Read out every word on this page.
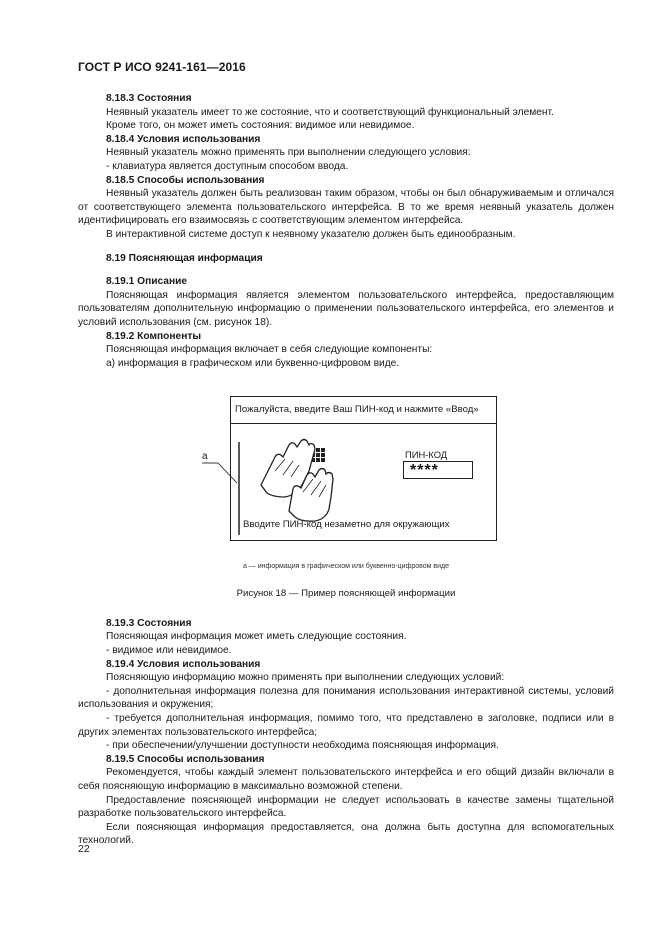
ГОСТ Р ИСО 9241-161—2016
8.18.3 Состояния
Неявный указатель имеет то же состояние, что и соответствующий функциональный элемент.
Кроме того, он может иметь состояния: видимое или невидимое.
8.18.4 Условия использования
Неявный указатель можно применять при выполнении следующего условия:
- клавиатура является доступным способом ввода.
8.18.5 Способы использования
Неявный указатель должен быть реализован таким образом, чтобы он был обнаруживаемым и отличался от соответствующего элемента пользовательского интерфейса. В то же время неявный указатель должен идентифицировать его взаимосвязь с соответствующим элементом интерфейса.
В интерактивной системе доступ к неявному указателю должен быть единообразным.
8.19 Поясняющая информация
8.19.1 Описание
Поясняющая информация является элементом пользовательского интерфейса, предоставляющим пользователям дополнительную информацию о применении пользовательского интерфейса, его элементов и условий использования (см. рисунок 18).
8.19.2 Компоненты
Поясняющая информация включает в себя следующие компоненты:
а) информация в графическом или буквенно-цифровом виде.
a
Пожалуйста, введите Ваш ПИН-код и нажмите «Ввод»
ПИН-КОД
****
Вводите ПИН-код незаметно для окружающих
a — информация в графическом или буквенно-цифровом виде
Рисунок 18 — Пример поясняющей информации
8.19.3 Состояния
Поясняющая информация может иметь следующие состояния.
- видимое или невидимое.
8.19.4 Условия использования
Поясняющую информацию можно применять при выполнении следующих условий:
- дополнительная информация полезна для понимания использования интерактивной системы, условий использования и окружения;
- требуется дополнительная информация, помимо того, что представлено в заголовке, подписи или в других элементах пользовательского интерфейса;
- при обеспечении/улучшении доступности необходима поясняющая информация.
8.19.5 Способы использования
Рекомендуется, чтобы каждый элемент пользовательского интерфейса и его общий дизайн включали в себя поясняющую информацию в максимально возможной степени.
Предоставление поясняющей информации не следует использовать в качестве замены тщательной разработке пользовательского интерфейса.
Если поясняющая информация предоставляется, она должна быть доступна для вспомогательных технологий.
22
